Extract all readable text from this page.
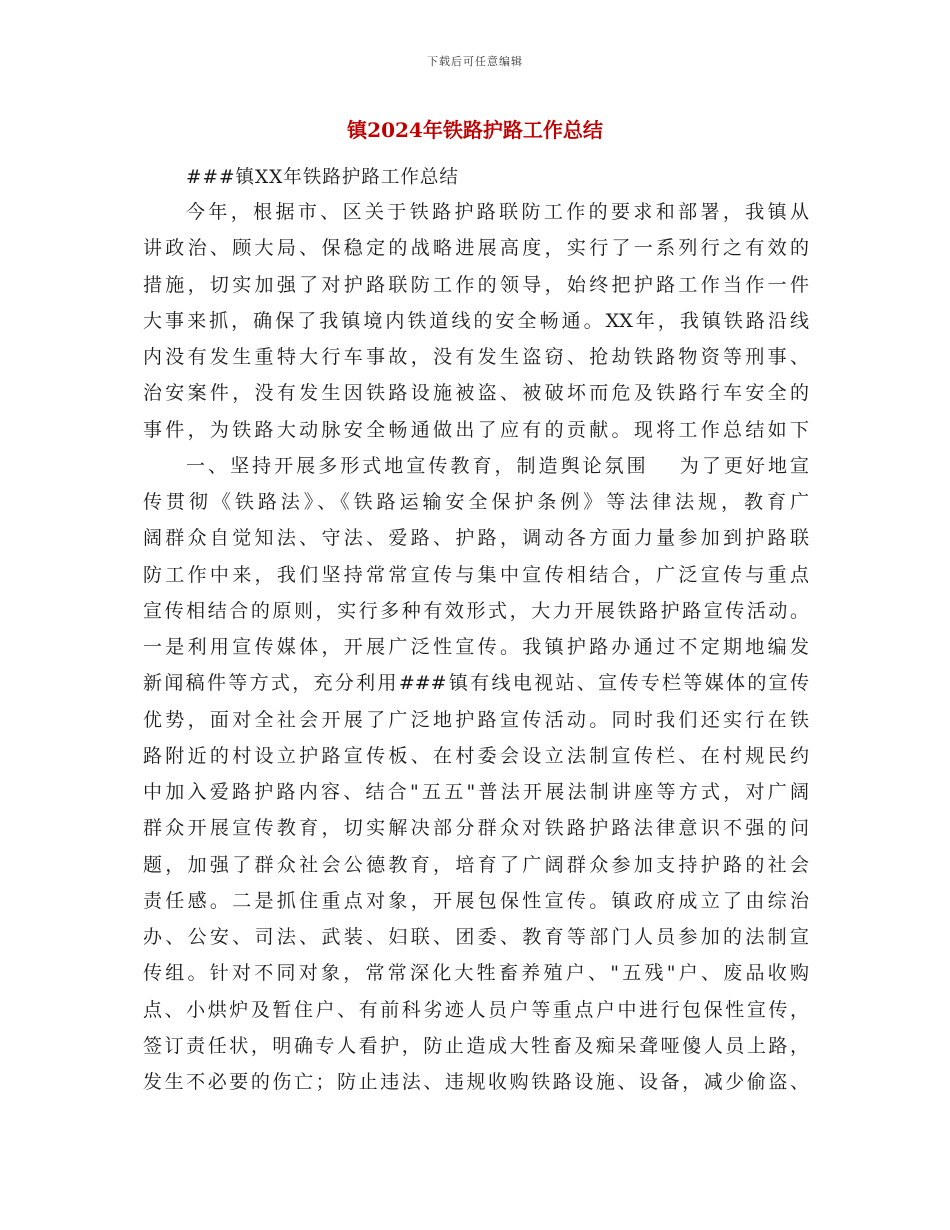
下载后可任意编辑
镇2024年铁路护路工作总结

###镇XX年铁路护路工作总结

今年，根据市、区关于铁路护路联防工作的要求和部署，我镇从
讲政治、顾大局、保稳定的战略进展高度，实行了一系列行之有效的
措施，切实加强了对护路联防工作的领导，始终把护路工作当作一件
大事来抓，确保了我镇境内铁道线的安全畅通。XX年，我镇铁路沿线
内没有发生重特大行车事故，没有发生盗窃、抢劫铁路物资等刑事、
治安案件，没有发生因铁路设施被盗、被破坏而危及铁路行车安全的
事件，为铁路大动脉安全畅通做出了应有的贡献。现将工作总结如下
一、坚持开展多形式地宣传教育，制造舆论氛围　 为了更好地宣
传贯彻《铁路法》、《铁路运输安全保护条例》等法律法规，教育广
阔群众自觉知法、守法、爱路、护路，调动各方面力量参加到护路联
防工作中来，我们坚持常常宣传与集中宣传相结合，广泛宣传与重点
宣传相结合的原则，实行多种有效形式，大力开展铁路护路宣传活动。
一是利用宣传媒体，开展广泛性宣传。我镇护路办通过不定期地编发
新闻稿件等方式，充分利用###镇有线电视站、宣传专栏等媒体的宣传
优势，面对全社会开展了广泛地护路宣传活动。同时我们还实行在铁
路附近的村设立护路宣传板、在村委会设立法制宣传栏、在村规民约
中加入爱路护路内容、结合"五五"普法开展法制讲座等方式，对广阔
群众开展宣传教育，切实解决部分群众对铁路护路法律意识不强的问
题，加强了群众社会公德教育，培育了广阔群众参加支持护路的社会
责任感。二是抓住重点对象，开展包保性宣传。镇政府成立了由综治
办、公安、司法、武装、妇联、团委、教育等部门人员参加的法制宣
传组。针对不同对象，常常深化大牲畜养殖户、"五残"户、废品收购
点、小烘炉及暂住户、有前科劣迹人员户等重点户中进行包保性宣传，
签订责任状，明确专人看护，防止造成大牲畜及痴呆聋哑傻人员上路，
发生不必要的伤亡；防止违法、违规收购铁路设施、设备，减少偷盗、
